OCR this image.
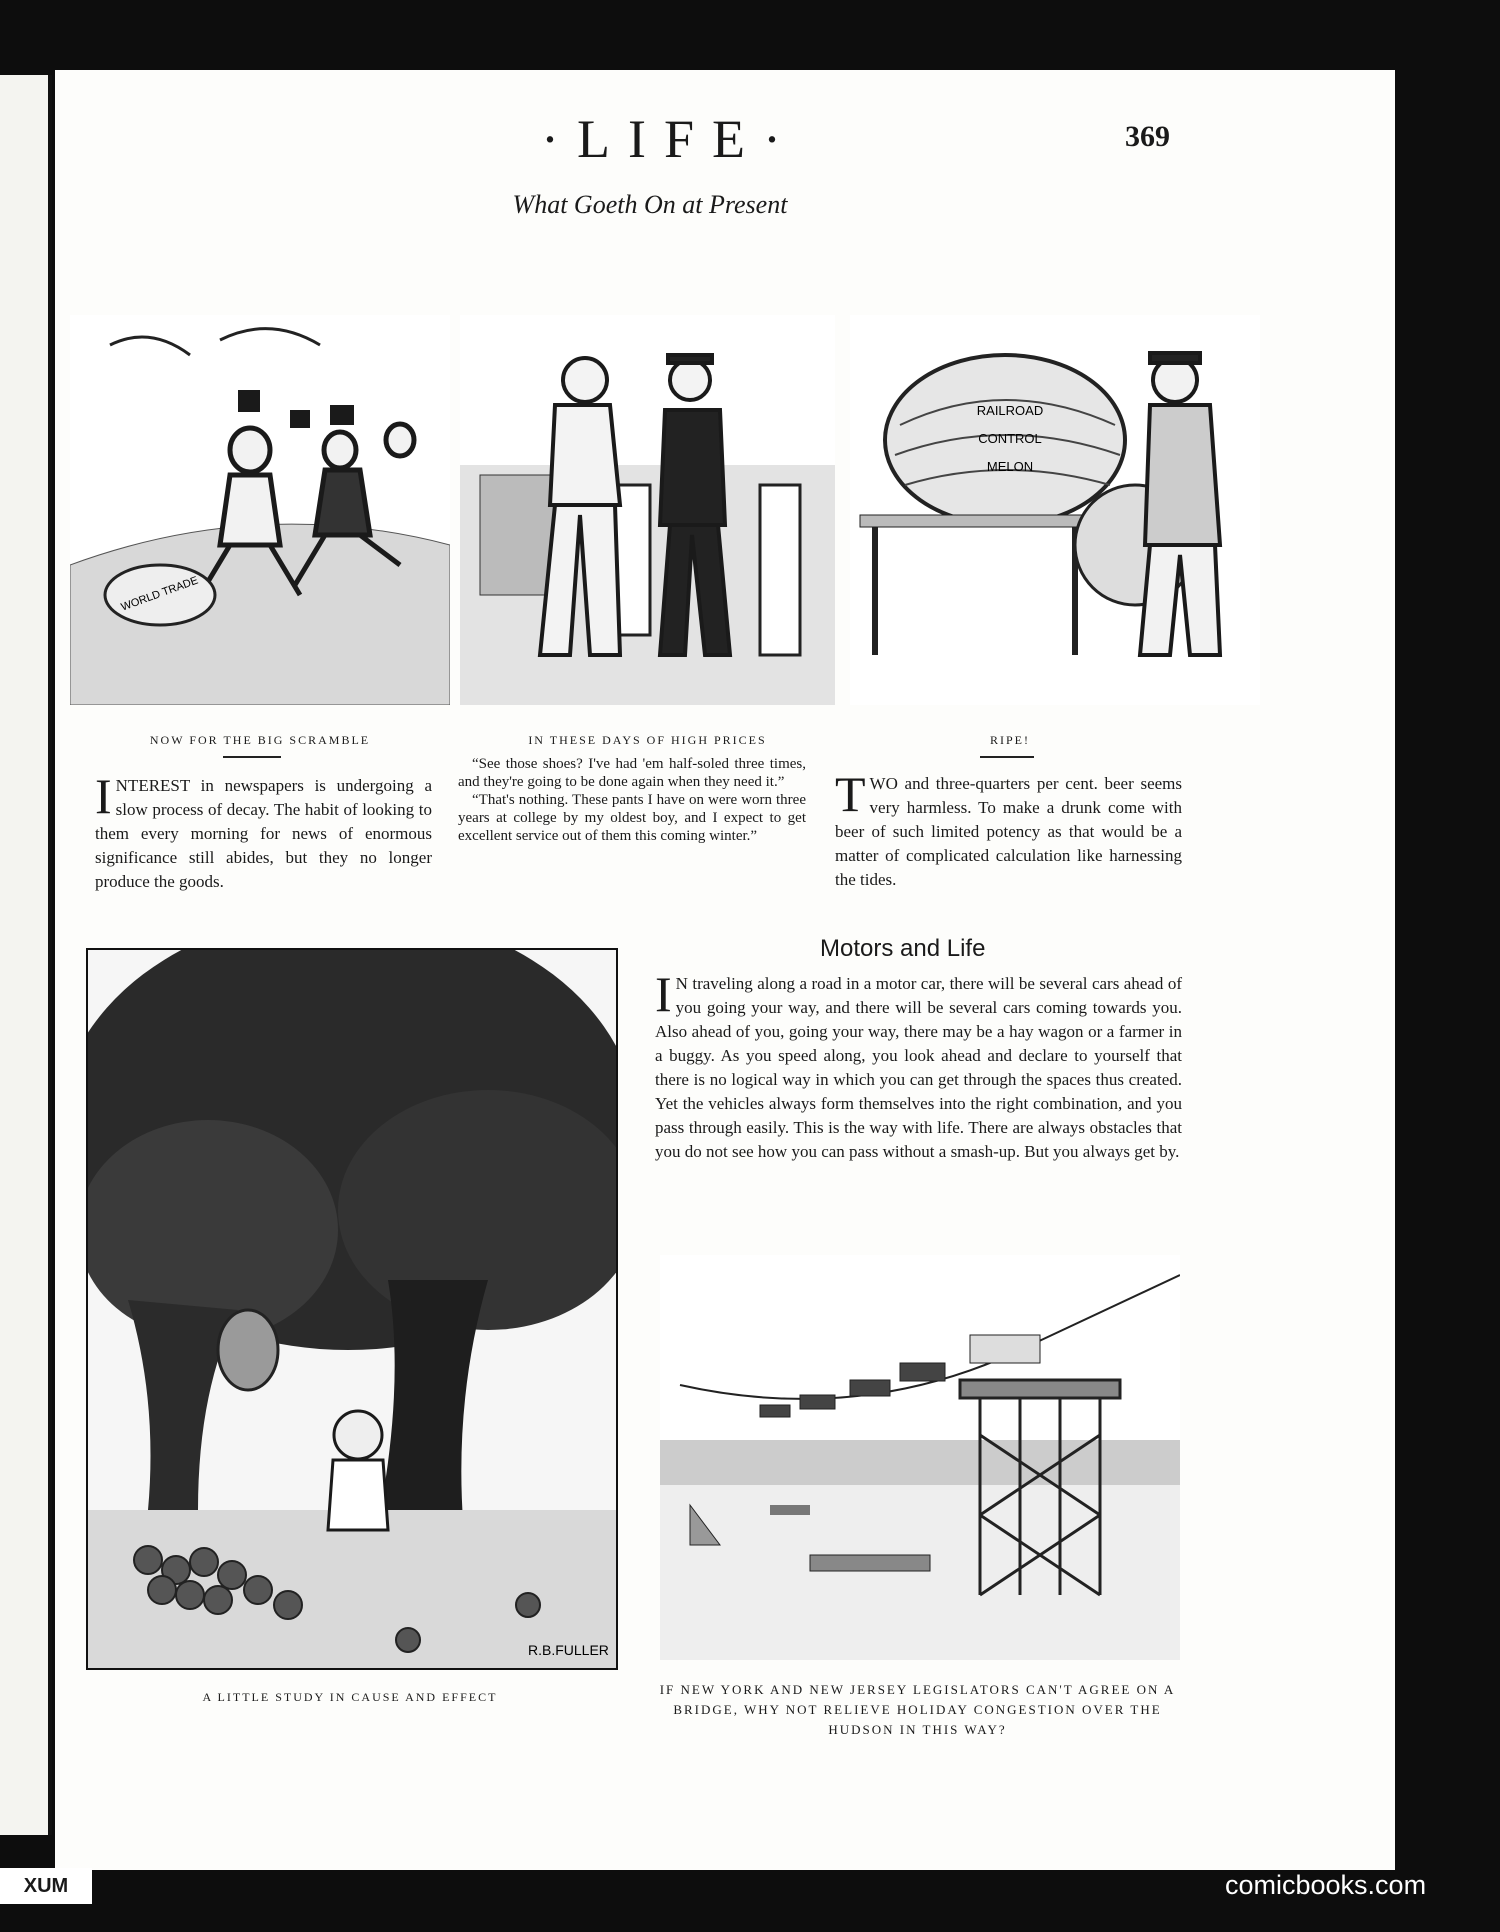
·LIFE·	369
What Goeth On at Present
WORLD TRADE
RAILROAD
CONTROL
MELON
NOW FOR THE BIG SCRAMBLE	IN THESE DAYS OF HIGH PRICES	RIPE!
INTEREST in newspapers is undergoing a slow process of decay. The habit of looking to them every morning for news of enormous significance still abides, but they no longer produce the goods.

“See those shoes? I've had 'em half-soled three times, and they're going to be done again when they need it.”

“That's nothing. These pants I have on were worn three years at college by my oldest boy, and I expect to get excellent service out of them this coming winter.”

TWO and three-quarters per cent. beer seems very harmless. To make a drunk come with beer of such limited potency as that would be a matter of complicated calculation like harnessing the tides.
R.B.FULLER
A LITTLE STUDY IN CAUSE AND EFFECT
Motors and Life
I N traveling along a road in a motor car, there will be several cars ahead of you going your way, and there will be several cars coming towards you. Also ahead of you, going your way, there may be a hay wagon or a farmer in a buggy. As you speed along, you look ahead and declare to yourself that there is no logical way in which you can get through the spaces thus created. Yet the vehicles always form themselves into the right combination, and you pass through easily. This is the way with life. There are always obstacles that you do not see how you can pass without a smash-up. But you always get by.
IF NEW YORK AND NEW JERSEY LEGISLATORS CAN'T AGREE ON A BRIDGE, WHY NOT RELIEVE HOLIDAY CONGESTION OVER THE HUDSON IN THIS WAY?
XUM	comicbooks.com
